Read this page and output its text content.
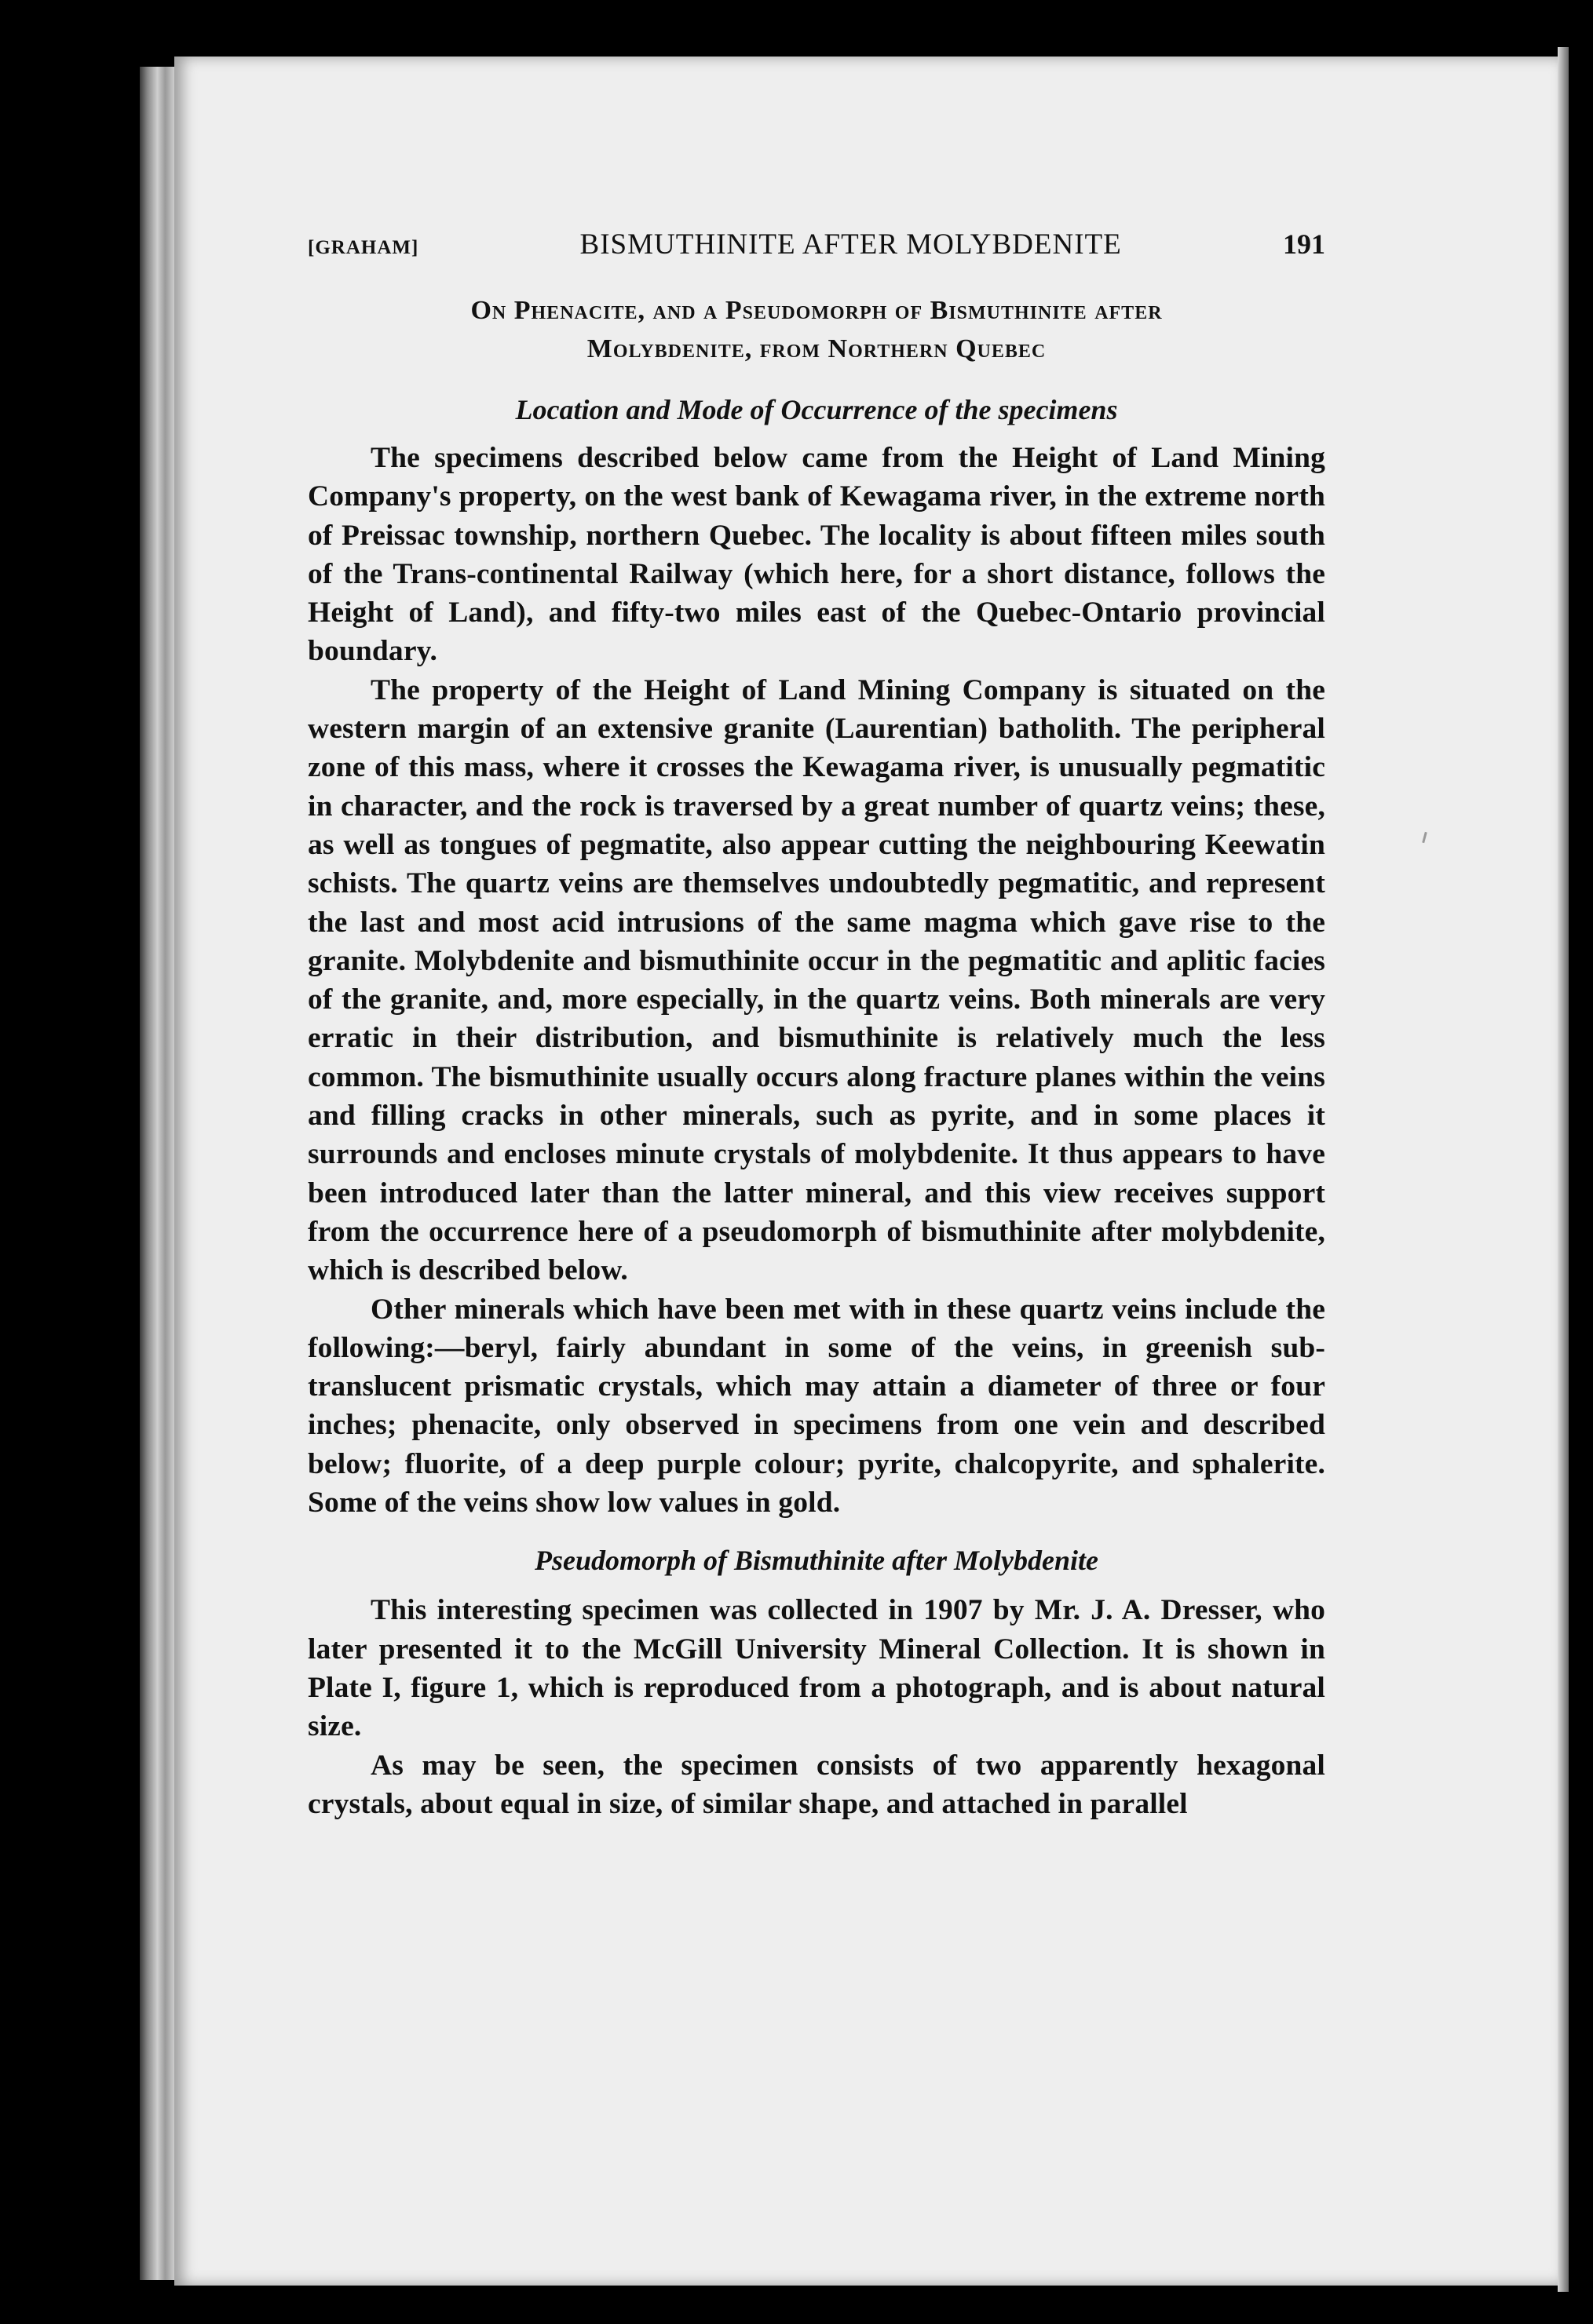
[GRAHAM]	BISMUTHINITE AFTER MOLYBDENITE	191
On Phenacite, and a Pseudomorph of Bismuthinite after
Molybdenite, from Northern Quebec
Location and Mode of Occurrence of the specimens

The specimens described below came from the Height of Land Mining Company's property, on the west bank of Kewagama river, in the extreme north of Preissac township, northern Quebec. The locality is about fifteen miles south of the Trans-continental Railway (which here, for a short distance, follows the Height of Land), and fifty-two miles east of the Quebec-Ontario provincial boundary.

The property of the Height of Land Mining Company is situated on the western margin of an extensive granite (Laurentian) batholith. The peripheral zone of this mass, where it crosses the Kewagama river, is unusually pegmatitic in character, and the rock is traversed by a great number of quartz veins; these, as well as tongues of pegmatite, also appear cutting the neighbouring Keewatin schists. The quartz veins are themselves undoubtedly pegmatitic, and represent the last and most acid intrusions of the same magma which gave rise to the granite. Molybdenite and bismuthinite occur in the pegmatitic and aplitic facies of the granite, and, more especially, in the quartz veins. Both minerals are very erratic in their distribution, and bismuthinite is relatively much the less common. The bismuthinite usually occurs along fracture planes within the veins and filling cracks in other minerals, such as pyrite, and in some places it surrounds and encloses minute crystals of molybdenite. It thus appears to have been introduced later than the latter mineral, and this view receives support from the occurrence here of a pseudomorph of bismuthinite after molybdenite, which is described below.

Other minerals which have been met with in these quartz veins include the following:—beryl, fairly abundant in some of the veins, in greenish sub-translucent prismatic crystals, which may attain a diameter of three or four inches; phenacite, only observed in specimens from one vein and described below; fluorite, of a deep purple colour; pyrite, chalcopyrite, and sphalerite. Some of the veins show low values in gold.

Pseudomorph of Bismuthinite after Molybdenite

This interesting specimen was collected in 1907 by Mr. J. A. Dresser, who later presented it to the McGill University Mineral Collection. It is shown in Plate I, figure 1, which is reproduced from a photograph, and is about natural size.

As may be seen, the specimen consists of two apparently hexagonal crystals, about equal in size, of similar shape, and attached in parallel
